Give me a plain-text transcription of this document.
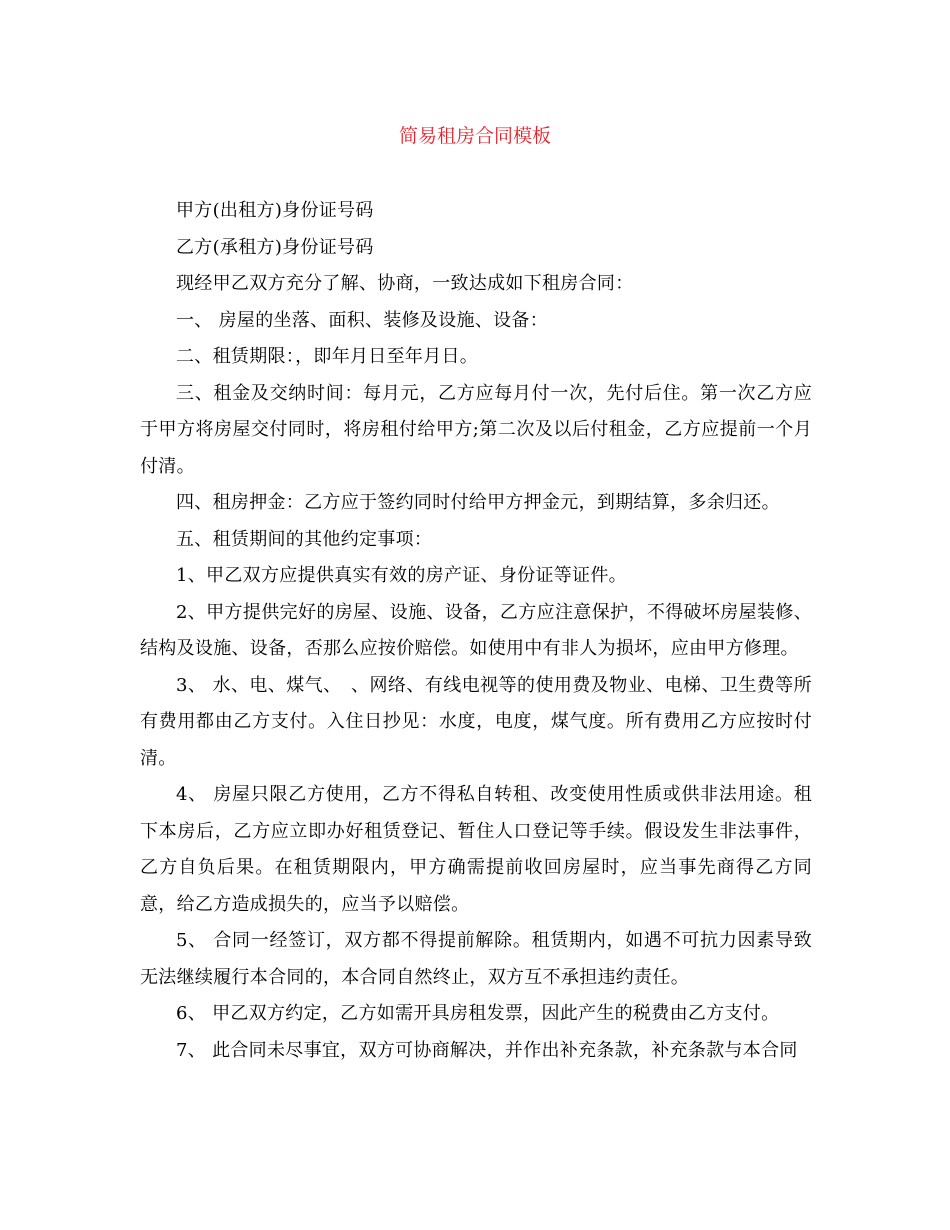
简易租房合同模板

甲方(出租方)身份证号码

乙方(承租方)身份证号码

现经甲乙双方充分了解、协商，一致达成如下租房合同：

一、 房屋的坐落、面积、装修及设施、设备：

二、租赁期限：，即年月日至年月日。

三、租金及交纳时间：每月元，乙方应每月付一次，先付后住。第一次乙方应于甲方将房屋交付同时，将房租付给甲方;第二次及以后付租金，乙方应提前一个月付清。

四、租房押金：乙方应于签约同时付给甲方押金元，到期结算，多余归还。

五、租赁期间的其他约定事项：

1、甲乙双方应提供真实有效的房产证、身份证等证件。

2、甲方提供完好的房屋、设施、设备，乙方应注意保护，不得破坏房屋装修、结构及设施、设备，否那么应按价赔偿。如使用中有非人为损坏，应由甲方修理。

3、 水、电、煤气、　、网络、有线电视等的使用费及物业、电梯、卫生费等所有费用都由乙方支付。入住日抄见：水度，电度，煤气度。所有费用乙方应按时付清。

4、 房屋只限乙方使用，乙方不得私自转租、改变使用性质或供非法用途。租下本房后，乙方应立即办好租赁登记、暂住人口登记等手续。假设发生非法事件，乙方自负后果。在租赁期限内，甲方确需提前收回房屋时，应当事先商得乙方同意，给乙方造成损失的，应当予以赔偿。

5、 合同一经签订，双方都不得提前解除。租赁期内，如遇不可抗力因素导致无法继续履行本合同的，本合同自然终止，双方互不承担违约责任。

6、 甲乙双方约定，乙方如需开具房租发票，因此产生的税费由乙方支付。

7、 此合同未尽事宜，双方可协商解决，并作出补充条款，补充条款与本合同
